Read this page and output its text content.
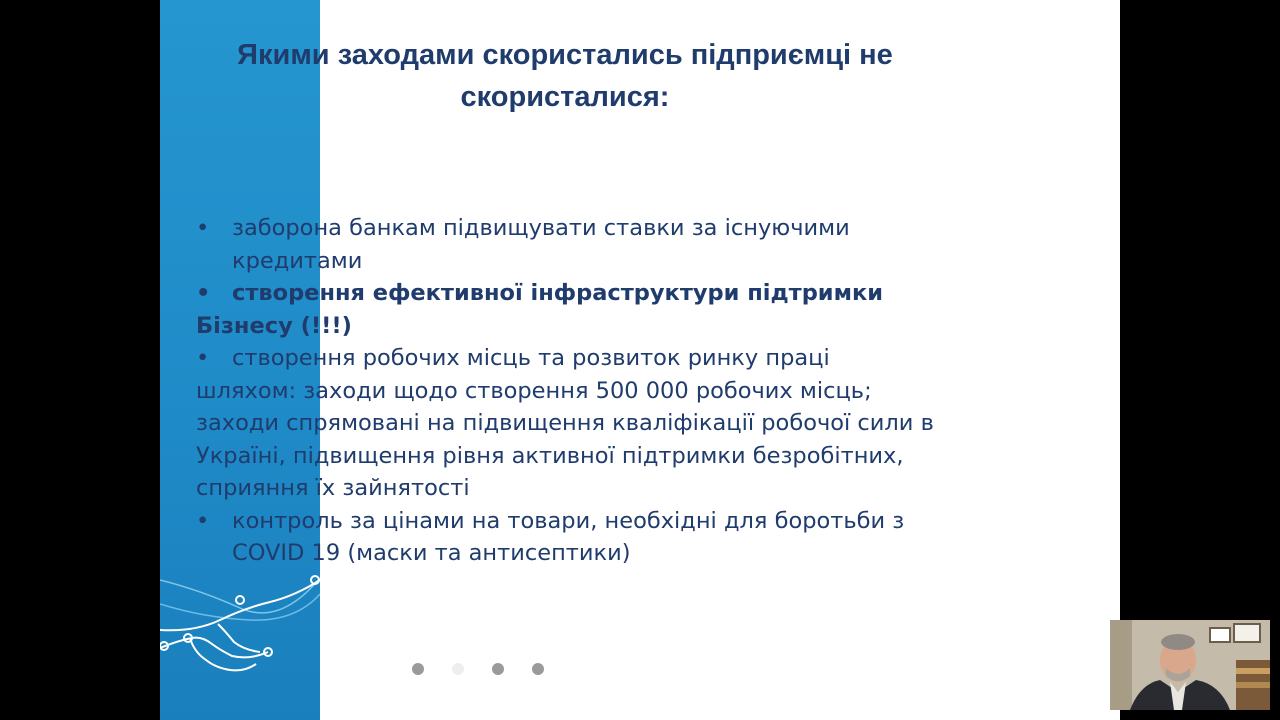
Якими заходами скористались підприємці не скористалися:
•	заборона банкам підвищувати ставки за існуючими кредитами
• створення ефективної інфраструктури підтримки Бізнесу (!!!)
• створення робочих місць та розвиток ринку праці шляхом: заходи щодо створення 500 000 робочих місць; заходи спрямовані на підвищення кваліфікації робочої сили в Україні, підвищення рівня активної підтримки безробітних, сприяння їх зайнятості
•	контроль за цінами на товари, необхідні для боротьби з COVID 19 (маски та антисептики)
